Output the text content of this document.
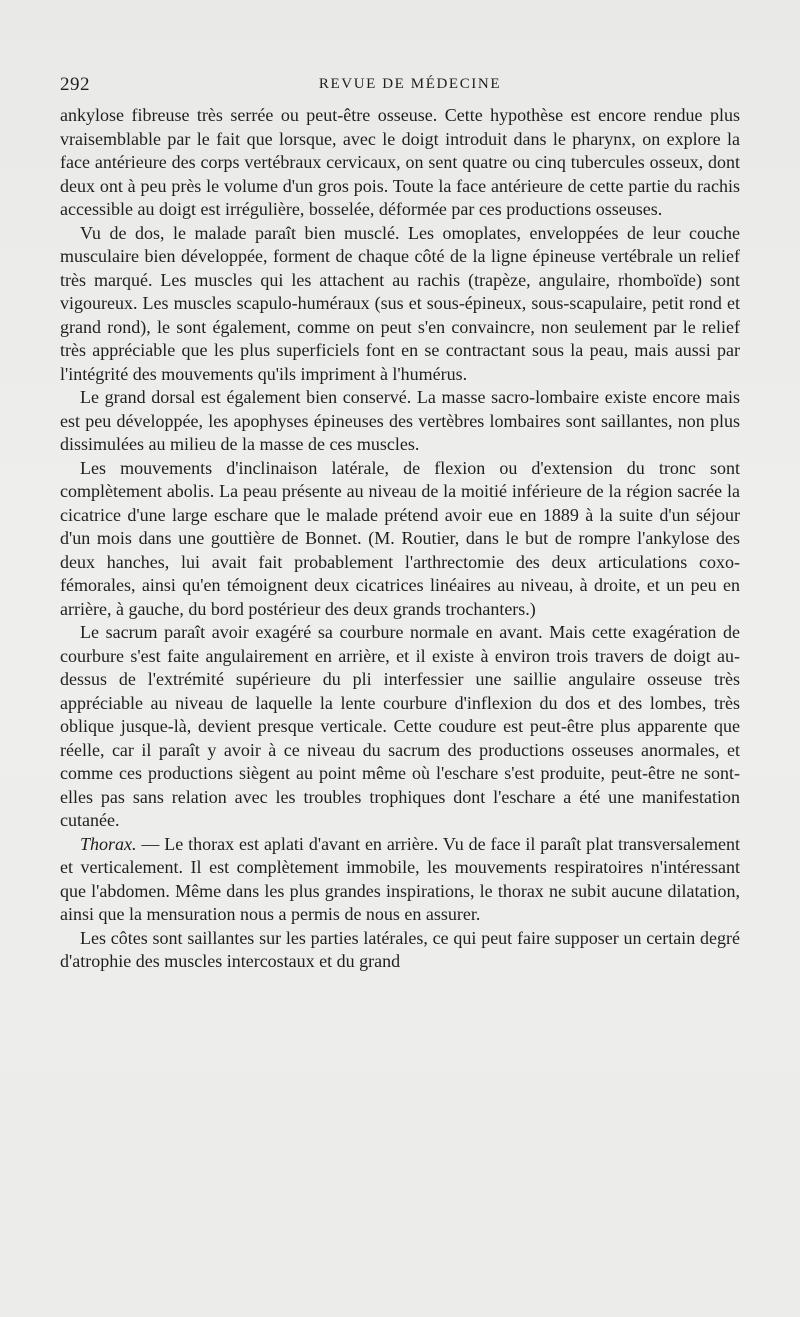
292	REVUE DE MÉDECINE

ankylose fibreuse très serrée ou peut-être osseuse. Cette hypothèse est encore rendue plus vraisemblable par le fait que lorsque, avec le doigt introduit dans le pharynx, on explore la face antérieure des corps vertébraux cervicaux, on sent quatre ou cinq tubercules osseux, dont deux ont à peu près le volume d'un gros pois. Toute la face antérieure de cette partie du rachis accessible au doigt est irrégulière, bosselée, déformée par ces productions osseuses.

Vu de dos, le malade paraît bien musclé. Les omoplates, enveloppées de leur couche musculaire bien développée, forment de chaque côté de la ligne épineuse vertébrale un relief très marqué. Les muscles qui les attachent au rachis (trapèze, angulaire, rhomboïde) sont vigoureux. Les muscles scapulo-huméraux (sus et sous-épineux, sous-scapulaire, petit rond et grand rond), le sont également, comme on peut s'en convaincre, non seulement par le relief très appréciable que les plus superficiels font en se contractant sous la peau, mais aussi par l'intégrité des mouvements qu'ils impriment à l'humérus.

Le grand dorsal est également bien conservé. La masse sacro-lombaire existe encore mais est peu développée, les apophyses épineuses des vertèbres lombaires sont saillantes, non plus dissimulées au milieu de la masse de ces muscles.

Les mouvements d'inclinaison latérale, de flexion ou d'extension du tronc sont complètement abolis. La peau présente au niveau de la moitié inférieure de la région sacrée la cicatrice d'une large eschare que le malade prétend avoir eue en 1889 à la suite d'un séjour d'un mois dans une gouttière de Bonnet. (M. Routier, dans le but de rompre l'ankylose des deux hanches, lui avait fait probablement l'arthrectomie des deux articulations coxo-fémorales, ainsi qu'en témoignent deux cicatrices linéaires au niveau, à droite, et un peu en arrière, à gauche, du bord postérieur des deux grands trochanters.)

Le sacrum paraît avoir exagéré sa courbure normale en avant. Mais cette exagération de courbure s'est faite angulairement en arrière, et il existe à environ trois travers de doigt au-dessus de l'extrémité supérieure du pli interfessier une saillie angulaire osseuse très appréciable au niveau de laquelle la lente courbure d'inflexion du dos et des lombes, très oblique jusque-là, devient presque verticale. Cette coudure est peut-être plus apparente que réelle, car il paraît y avoir à ce niveau du sacrum des productions osseuses anormales, et comme ces productions siègent au point même où l'eschare s'est produite, peut-être ne sont-elles pas sans relation avec les troubles trophiques dont l'eschare a été une manifestation cutanée.

Thorax. — Le thorax est aplati d'avant en arrière. Vu de face il paraît plat transversalement et verticalement. Il est complètement immobile, les mouvements respiratoires n'intéressant que l'abdomen. Même dans les plus grandes inspirations, le thorax ne subit aucune dilatation, ainsi que la mensuration nous a permis de nous en assurer.

Les côtes sont saillantes sur les parties latérales, ce qui peut faire supposer un certain degré d'atrophie des muscles intercostaux et du grand
